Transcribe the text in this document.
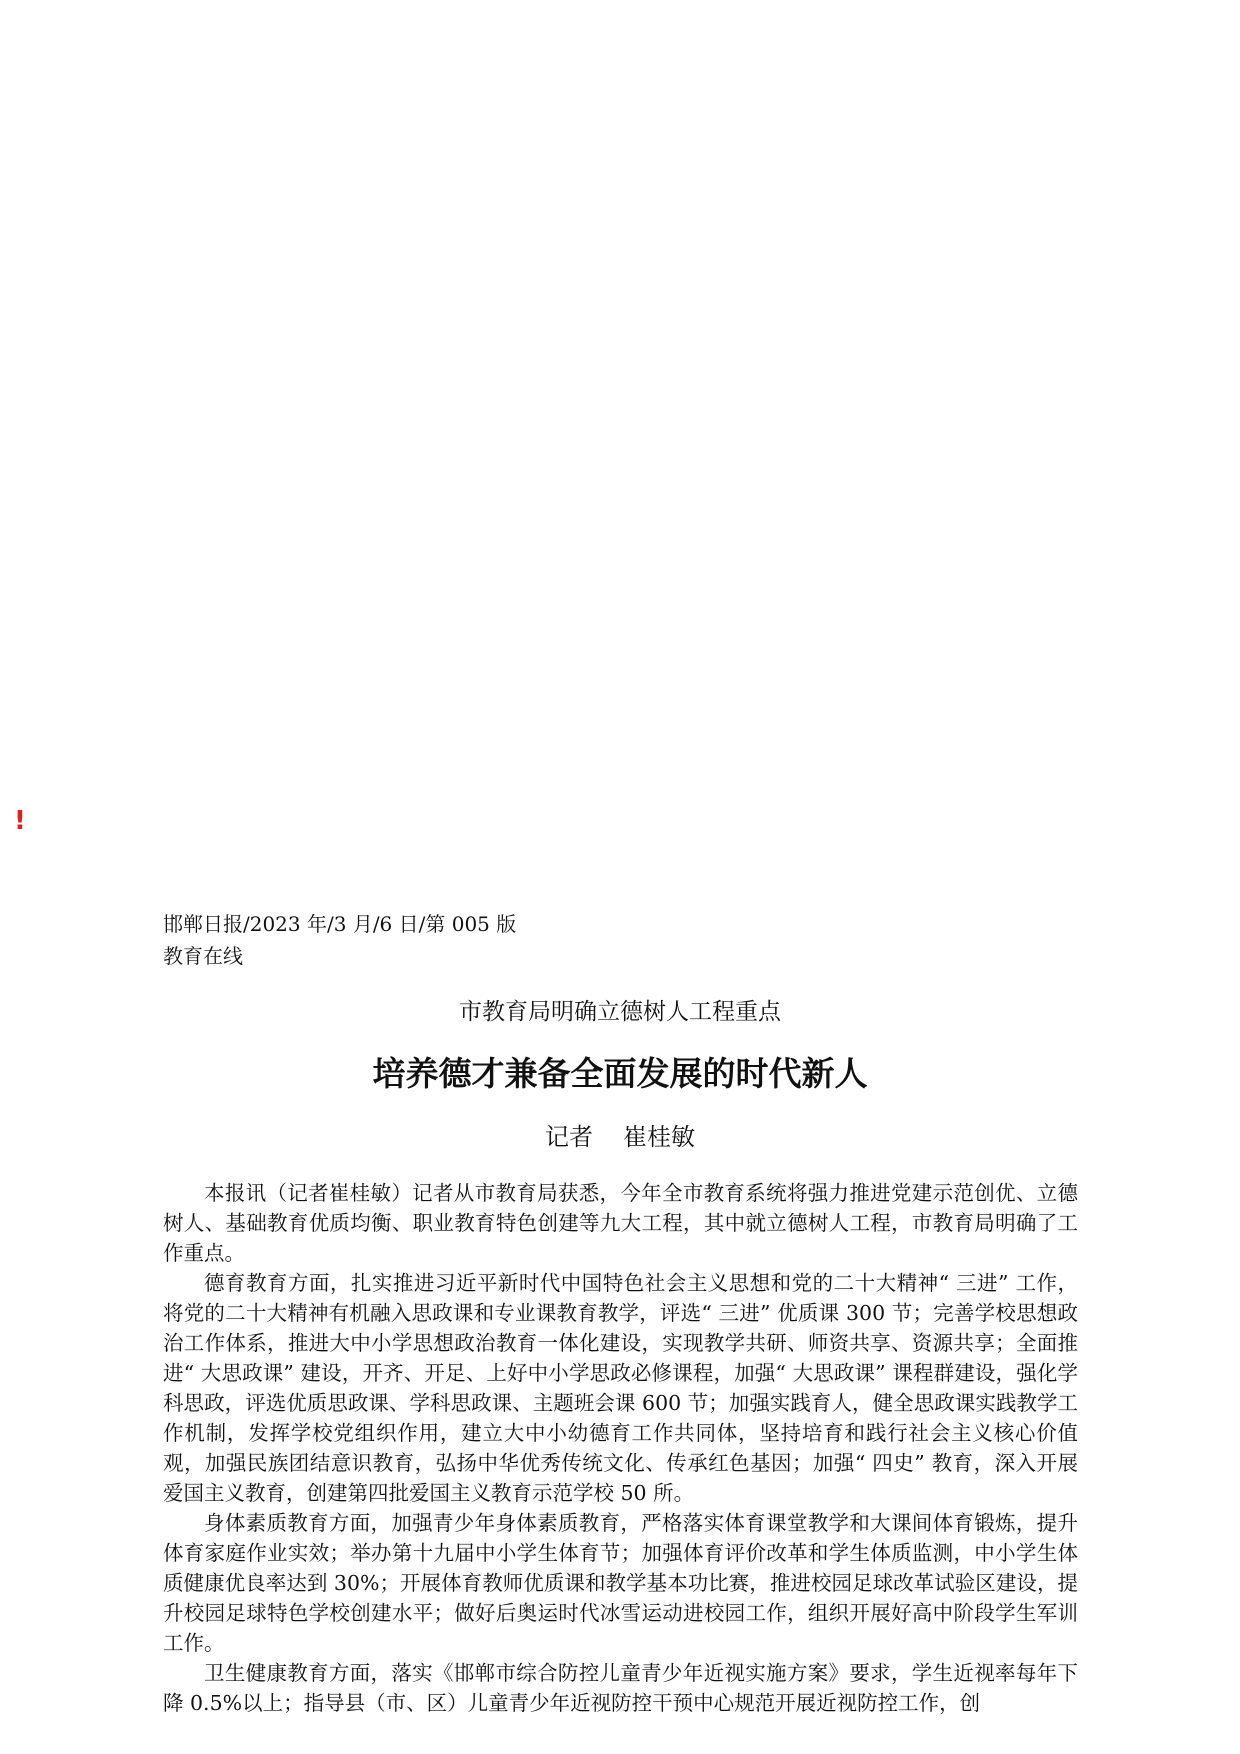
!
邯郸日报/2023 年/3 月/6 日/第 005 版教育在线
市教育局明确立德树人工程重点
培养德才兼备全面发展的时代新人
记者 崔桂敏

本报讯（记者崔桂敏）记者从市教育局获悉，今年全市教育系统将强力推进党建示范创优、立德树人、基础教育优质均衡、职业教育特色创建等九大工程，其中就立德树人工程，市教育局明确了工作重点。

德育教育方面，扎实推进习近平新时代中国特色社会主义思想和党的二十大精神“ 三进” 工作，将党的二十大精神有机融入思政课和专业课教育教学，评选“ 三进” 优质课 300 节；完善学校思想政治工作体系，推进大中小学思想政治教育一体化建设，实现教学共研、师资共享、资源共享；全面推进“ 大思政课” 建设，开齐、开足、上好中小学思政必修课程，加强“ 大思政课” 课程群建设，强化学科思政，评选优质思政课、学科思政课、主题班会课 600 节；加强实践育人，健全思政课实践教学工作机制，发挥学校党组织作用，建立大中小幼德育工作共同体，坚持培育和践行社会主义核心价值观，加强民族团结意识教育，弘扬中华优秀传统文化、传承红色基因；加强“ 四史” 教育，深入开展爱国主义教育，创建第四批爱国主义教育示范学校 50 所。

身体素质教育方面，加强青少年身体素质教育，严格落实体育课堂教学和大课间体育锻炼，提升体育家庭作业实效；举办第十九届中小学生体育节；加强体育评价改革和学生体质监测，中小学生体质健康优良率达到 30%；开展体育教师优质课和教学基本功比赛，推进校园足球改革试验区建设，提升校园足球特色学校创建水平；做好后奥运时代冰雪运动进校园工作，组织开展好高中阶段学生军训工作。

卫生健康教育方面，落实《邯郸市综合防控儿童青少年近视实施方案》要求，学生近视率每年下降 0.5%以上；指导县（市、区）儿童青少年近视防控干预中心规范开展近视防控工作，创
